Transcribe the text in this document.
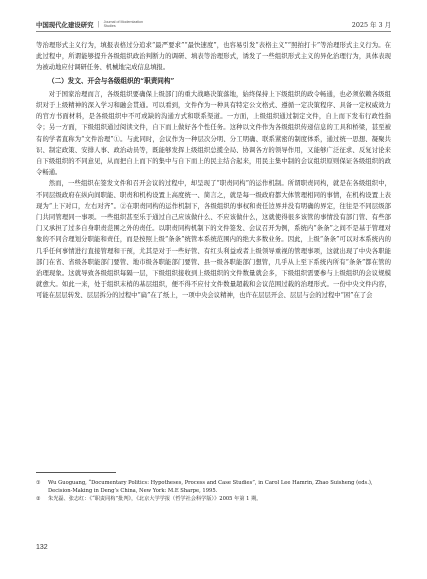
中国现代化建设研究 | Journal of Modernization Studies	2025 年 3 月

等治理形式主义行为，填报表格过分追求“最严要求”“最快速度”，也容易引发“表格主义”“照拍打卡”等治理形式主义行为。在此过程中，所谓能够提升各级组织政治判断力的调研、填表等治理形式，诱发了一些组织形式主义的异化治理行为，具体表现为被动地应付调研任务、机械地完成信息填报。

（二）发文、开会与各级组织的“职责同构”

对于国家治理而言，各级组织要确保上级部门的重大战略决策落地，始终保持上下级组织的政令畅通，也必须依赖各级组织对于上级精神的深入学习和融会贯通。可以看到，文件作为一种具有特定公文格式、遵循一定决策程序、具备一定权威效力的官方书面材料，是各级组织中不可或缺的沟通方式和联系渠道。一方面，上级组织通过制定文件，自上而下发布行政性指令；另一方面，下级组织通过阅读文件，自下而上做好各个性任务。这种以文件作为各级组织传递信息的工具和桥梁，甚至被有的学者直称为“文件治理”①。与此同时，会议作为一种层次分明、分工明确、联系紧密的制度体系，通过统一思想、凝聚共识、制定政策、安排人事、政治动员等，既能够发挥上级组织总揽全局、协调各方的领导作用，又能够广泛征求、反复讨论来自下级组织的不同意见，从而把自上而下的集中与自下而上的民主结合起来，用民主集中制的会议组织原则保证各级组织的政令畅通。

然而，一些组织在签发文件和召开会议的过程中，却呈现了“职责同构”的运作机制。所谓职责同构，就是在各级组织中，不同层级政府在纵向间职能、职责和机构设置上高度统一、简言之，就是每一级政府都大体管理相同的事情，在机构设置上表现为“上下对口，左右对齐”。②在职责同构的运作机制下，各级组织的事权和责任边界并没有明确的界定，往往是不同层级部门共同管理同一事项。一些组织甚至乐于通过自己应该做什么、不应该做什么，这就使得很多该管的事情没有部门管、有些部门又承担了过多自身职责范围之外的责任。以职责同构机制下的文件签发、会议召开为例，系统内“条条”之间不是基于管理对象的不同合理划分职能和责任，而是按照上级“条条”统管本系统范围内的绝大多数业务。因此，上级“条条”可以对本系统内的几乎任何事情进行直接管理和干预，尤其是对于一些好管、有红头利益或者上级领导重视的管理事项，这就出现了中央各职能部门在省、省级各职能部门要管、地市级各职能部门要管、县一级各职能部门想管，几乎从上至下系统内所有“条条”都在管的治理现象。这就导致各级组织每隔一层，下级组织接收到上级组织的文件数量就会多，下级组织需要参与上级组织的会议规模就愈大。如此一来，处于组织末梢的基层组织，便不得不应付文件数量超载和会议范围过载的治理形式。一份中央文件内容，可能在层层转发、层层拆分的过程中“扁”在了纸上，一项中央会议精神，也许在层层开会、层层与会的过程中“困”在了会

①	Wu Guoguang, “Documentary Politics: Hypotheses, Process and Case Studies”, in Carol Lee Hamrin, Zhao Suisheng (eds.), Decision-Making in Deng’s China, New York: M.E Sharpe, 1995.
②	朱光磊、张志红：《“职责同构”批判》，《北京大学学报（哲学社会科学版）》2005 年第 1 期。
132
